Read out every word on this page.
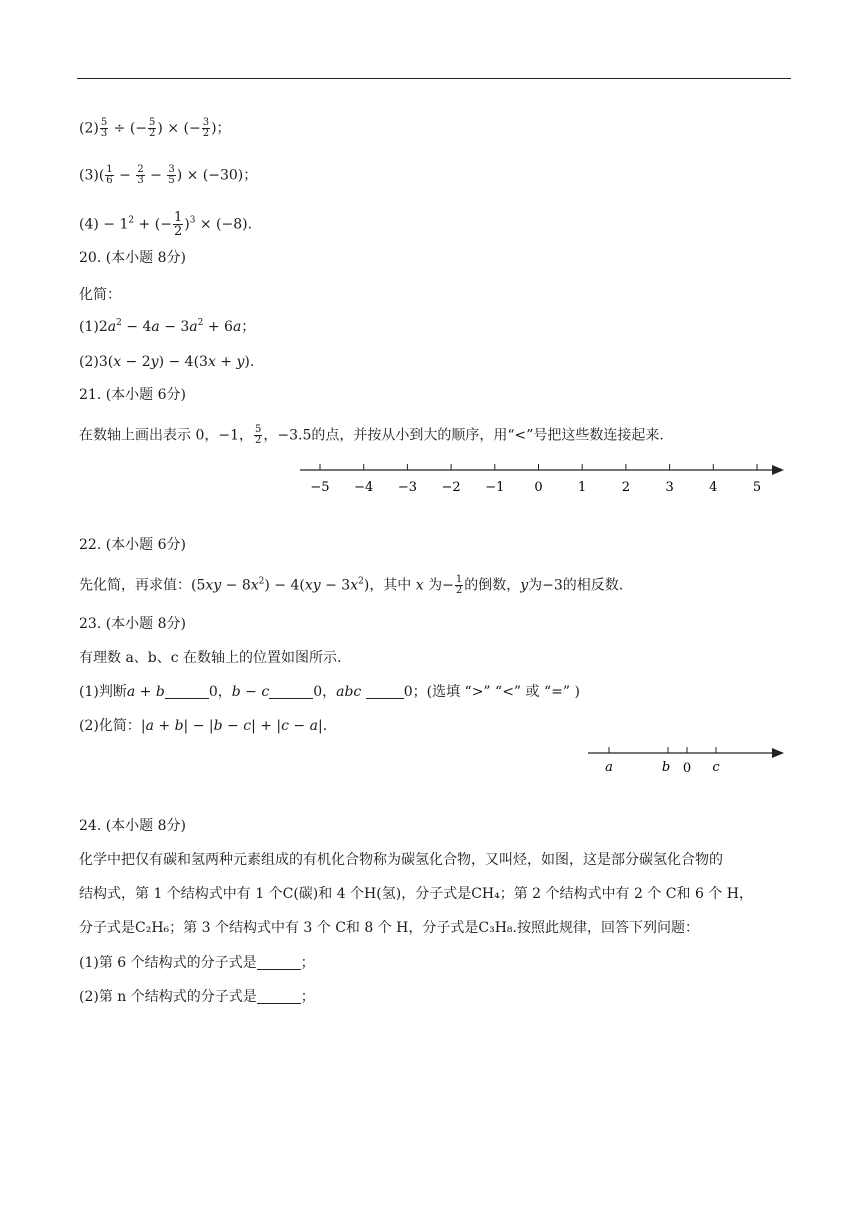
$(2) \frac{5}{3}$ ÷ (− $\frac{5}{2}$ ) × (− $\frac{3}{2}$ )；
$(3)( \frac{1}{6} - \frac{2}{3} - \frac{3}{5}$ ) × (−30)；
$(4) - 1^2$ + (− $\frac{1}{2} )^3 \times (-8)$.
20. (本小题 8分)
化简：
$(1)2a^2 - 4a - 3a^2 + 6a$；
(2)3(x − 2y) − 4(3x + y).
21. (本小题 6分)
在数轴上画出表示 0，−1， $\frac{5}{2}$ ，−3.5的点，并按从小到大的顺序，用“<”号把这些数连接起来.
−5 −4 −3 −2 −1 0	1	2	3	4	5
22. (本小题 6分)
先化简，再求值：$(5xy - 8x^2) - 4(xy - 3x^2)$，其中 x 为− $\frac{1}{2}$ 的倒数，y为−3的相反数.
23. (本小题 8分)
有理数 a、b、c 在数轴上的位置如图所示.
(1)判断a + b	0，b − c	0，abc	0；(选填 “>” “<” 或 “=” )
(2)化简：|a + b| − |b − c| + |c − a|.
a	b 0 c
24. (本小题 8分)
化学中把仅有碳和氢两种元素组成的有机化合物称为碳氢化合物，又叫烃，如图，这是部分碳氢化合物的
结构式，第 1 个结构式中有 1 个C(碳)和 4 个H(氢)，分子式是CH₄；第 2 个结构式中有 2 个 C和 6 个 H，
分子式是C₂H₆；第 3 个结构式中有 3 个 C和 8 个 H，分子式是C₃H₈.按照此规律，回答下列问题：
(1)第 6 个结构式的分子式是	；
(2)第 n 个结构式的分子式是	；
